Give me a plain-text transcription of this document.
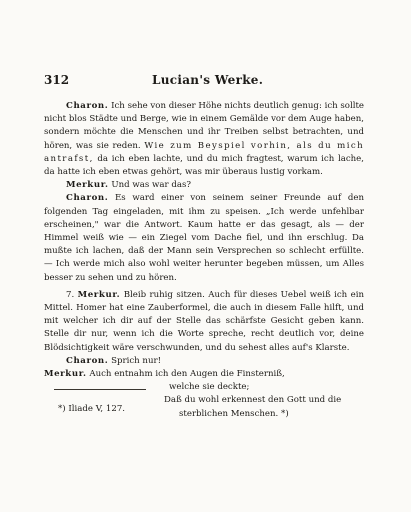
312	Lucian's Werke.

Charon. Ich sehe von dieser Höhe nichts deutlich genug: ich sollte nicht blos Städte und Berge, wie in einem Gemälde vor dem Auge haben, sondern möchte die Menschen und ihr Treiben selbst betrachten, und hören, was sie reden. Wie zum Beyspiel vorhin, als du mich antrafst, da ich eben lachte, und du mich fragtest, warum ich lache, da hatte ich eben etwas gehört, was mir überaus lustig vorkam.

Merkur. Und was war das?

Charon. Es ward einer von seinem seiner Freunde auf den folgenden Tag eingeladen, mit ihm zu speisen. „Ich werde unfehlbar erscheinen," war die Antwort. Kaum hatte er das gesagt, als — der Himmel weiß wie — ein Ziegel vom Dache fiel, und ihn erschlug. Da mußte ich lachen, daß der Mann sein Versprechen so schlecht erfüllte. — Ich werde mich also wohl weiter herunter begeben müssen, um Alles besser zu sehen und zu hören.

7. Merkur. Bleib ruhig sitzen. Auch für dieses Uebel weiß ich ein Mittel. Homer hat eine Zauberformel, die auch in diesem Falle hilft, und mit welcher ich dir auf der Stelle das schärfste Gesicht geben kann. Stelle dir nur, wenn ich die Worte spreche, recht deutlich vor, deine Blödsichtigkeit wäre verschwunden, und du sehest alles auf's Klarste.

Charon. Sprich nur!

Merkur. Auch entnahm ich den Augen die Finsterniß,
welche sie deckte;
Daß du wohl erkennest den Gott und die
sterblichen Menschen. *)
*) Iliade V, 127.
